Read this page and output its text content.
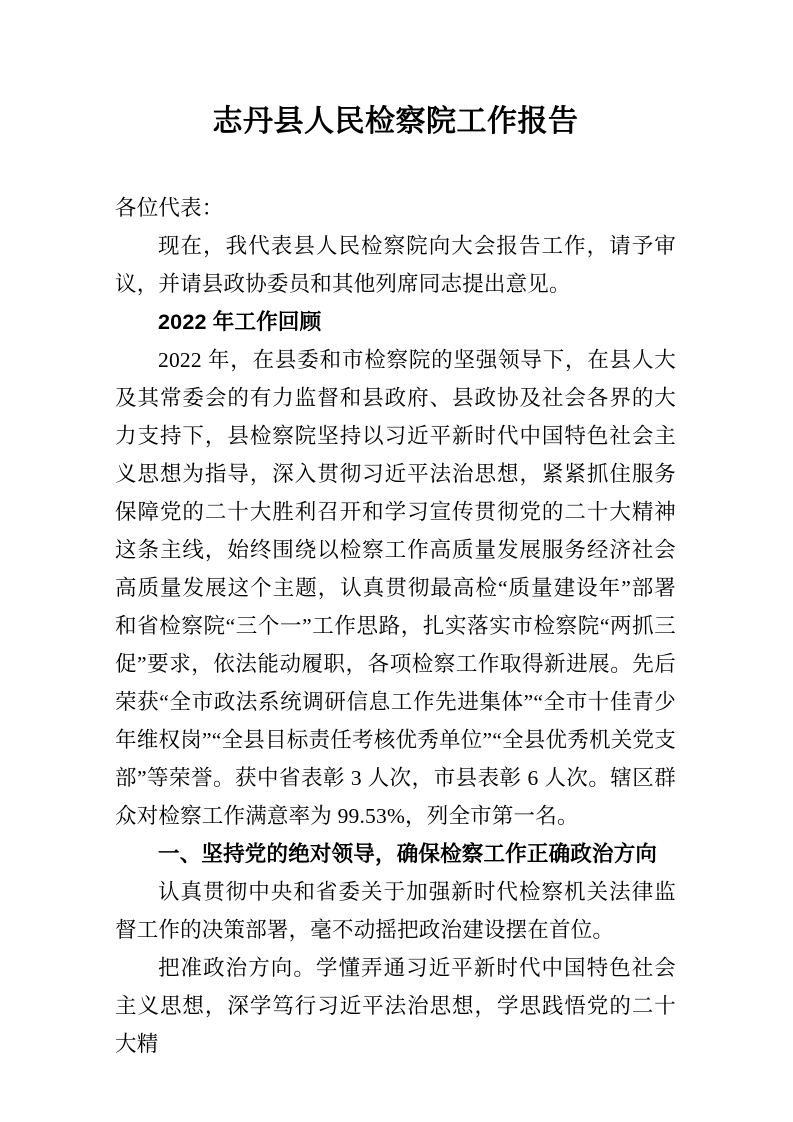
志丹县人民检察院工作报告

各位代表：

现在，我代表县人民检察院向大会报告工作，请予审议，并请县政协委员和其他列席同志提出意见。

2022 年工作回顾

2022 年，在县委和市检察院的坚强领导下，在县人大及其常委会的有力监督和县政府、县政协及社会各界的大力支持下，县检察院坚持以习近平新时代中国特色社会主义思想为指导，深入贯彻习近平法治思想，紧紧抓住服务保障党的二十大胜利召开和学习宣传贯彻党的二十大精神这条主线，始终围绕以检察工作高质量发展服务经济社会高质量发展这个主题，认真贯彻最高检“质量建设年”部署和省检察院“三个一”工作思路，扎实落实市检察院“两抓三促”要求，依法能动履职，各项检察工作取得新进展。先后荣获“全市政法系统调研信息工作先进集体”“全市十佳青少年维权岗”“全县目标责任考核优秀单位”“全县优秀机关党支部”等荣誉。获中省表彰 3 人次，市县表彰 6 人次。辖区群众对检察工作满意率为 99.53%，列全市第一名。

一、坚持党的绝对领导，确保检察工作正确政治方向

认真贯彻中央和省委关于加强新时代检察机关法律监督工作的决策部署，毫不动摇把政治建设摆在首位。

把准政治方向。学懂弄通习近平新时代中国特色社会主义思想，深学笃行习近平法治思想，学思践悟党的二十大精
